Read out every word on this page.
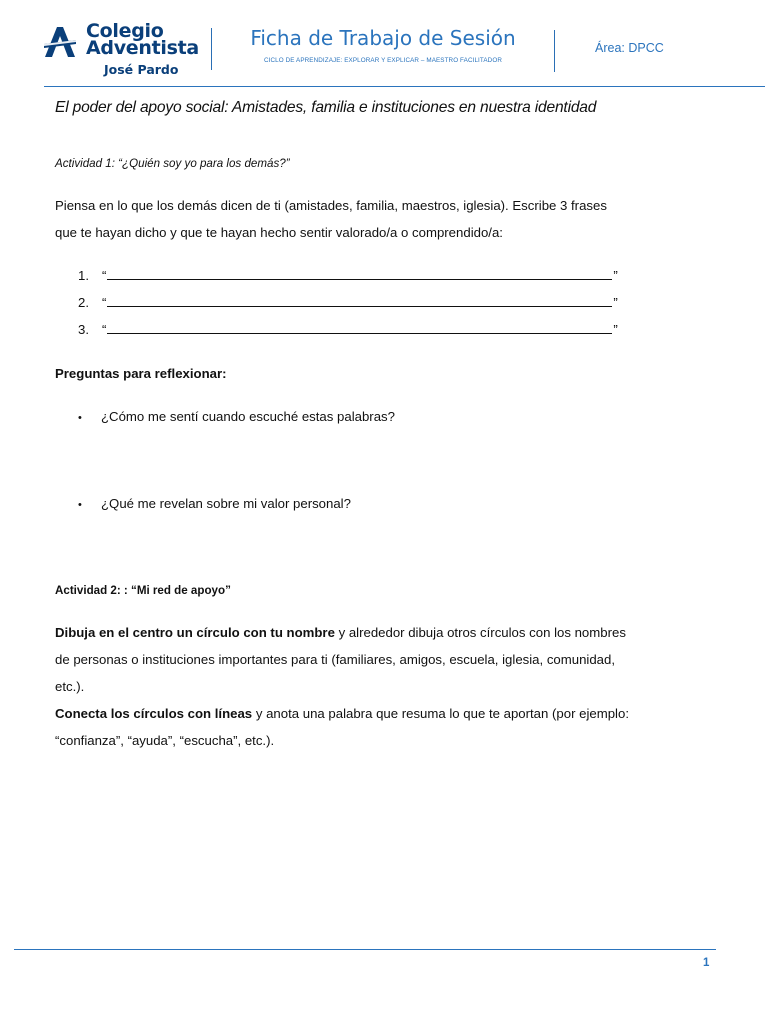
Colegio
Adventista
José Pardo
Ficha de Trabajo de Sesión
CICLO DE APRENDIZAJE: EXPLORAR Y EXPLICAR – MAESTRO FACILITADOR
Área: DPCC
El poder del apoyo social: Amistades, familia e instituciones en nuestra identidad
Actividad 1: “¿Quién soy yo para los demás?”
Piensa en lo que los demás dicen de ti (amistades, familia, maestros, iglesia). Escribe 3 frases
que te hayan dicho y que te hayan hecho sentir valorado/a o comprendido/a:
1. “	”
2. “	”
3. “	”
Preguntas para reflexionar:
• ¿Cómo me sentí cuando escuché estas palabras?
• ¿Qué me revelan sobre mi valor personal?
Actividad 2: : “Mi red de apoyo”
Dibuja en el centro un círculo con tu nombre y alrededor dibuja otros círculos con los nombres
de personas o instituciones importantes para ti (familiares, amigos, escuela, iglesia, comunidad,
etc.).
Conecta los círculos con líneas y anota una palabra que resuma lo que te aportan (por ejemplo:
“confianza”, “ayuda”, “escucha”, etc.).
1
